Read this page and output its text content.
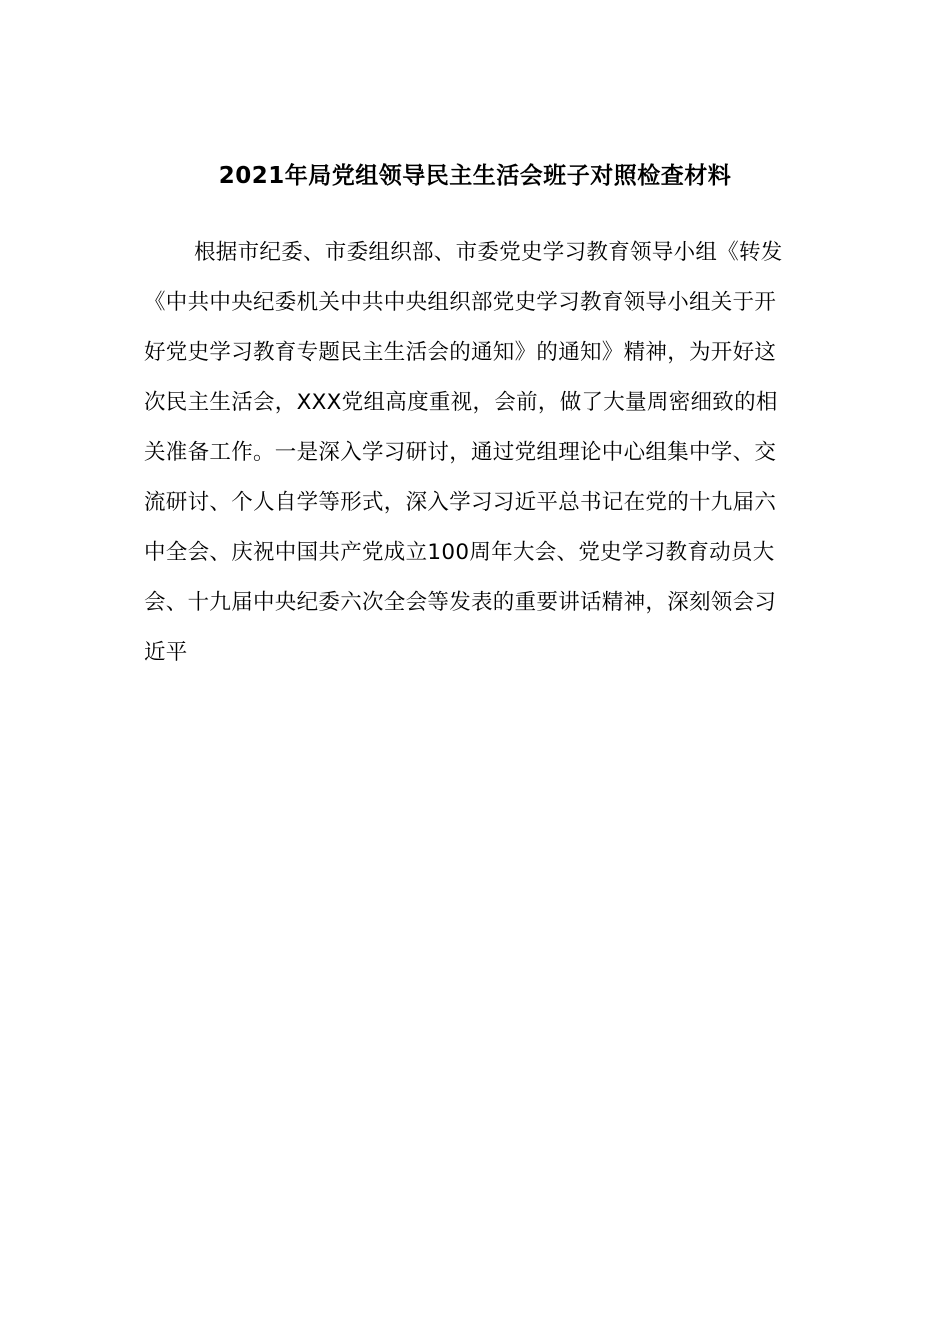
2021年局党组领导民主生活会班子对照检查材料
根据市纪委、市委组织部、市委党史学习教育领导小组《转发
《中共中央纪委机关中共中央组织部党史学习教育领导小组关于开
好党史学习教育专题民主生活会的通知》的通知》精神，为开好这
次民主生活会，XXX党组高度重视，会前，做了大量周密细致的相
关准备工作。一是深入学习研讨，通过党组理论中心组集中学、交
流研讨、个人自学等形式，深入学习习近平总书记在党的十九届六
中全会、庆祝中国共产党成立100周年大会、党史学习教育动员大
会、十九届中央纪委六次全会等发表的重要讲话精神，深刻领会习
近平
